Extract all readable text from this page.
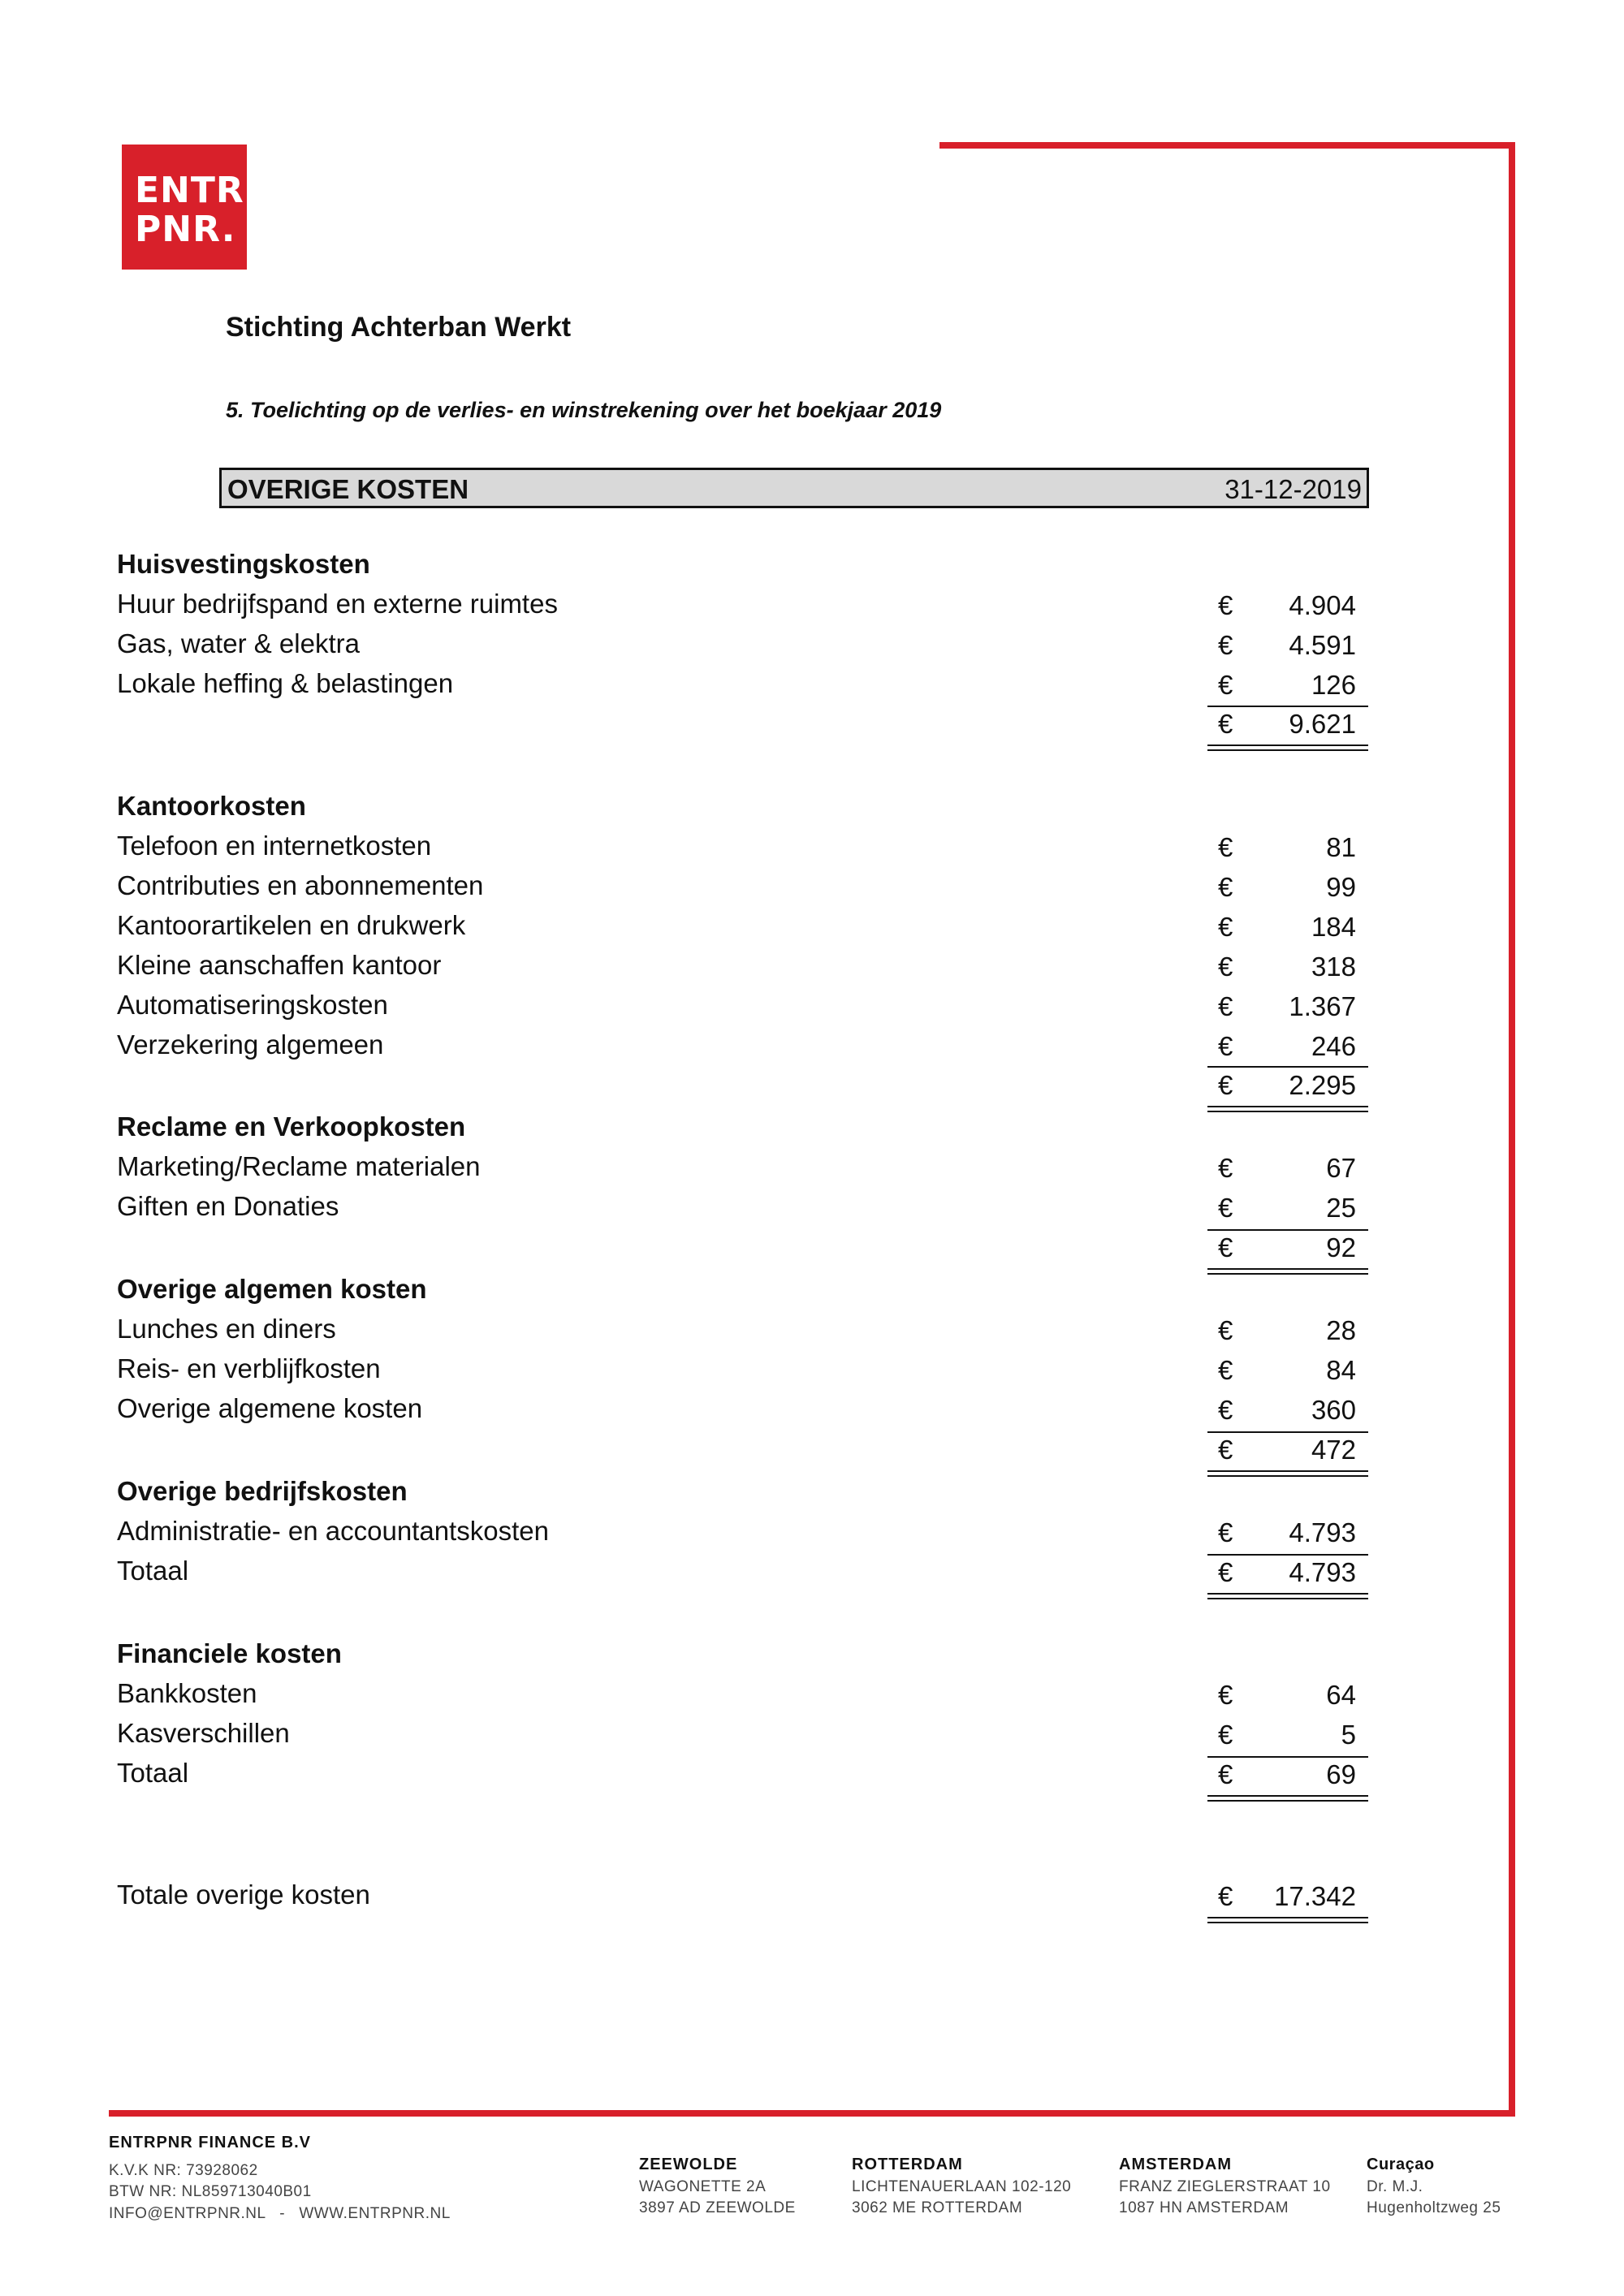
ENTR
PNR.
Stichting Achterban Werkt
5. Toelichting op de verlies- en winstrekening over het boekjaar 2019
OVERIGE KOSTEN	31-12-2019
Huisvestingskosten
Huur bedrijfspand en externe ruimtes	€ 4.904
Gas, water & elektra	€ 4.591
Lokale heffing & belastingen	€	126
€ 9.621
Kantoorkosten
Telefoon en internetkosten	€	81
Contributies en abonnementen	€	99
Kantoorartikelen en drukwerk	€	184
Kleine aanschaffen kantoor	€	318
Automatiseringskosten	€ 1.367
Verzekering algemeen	€	246
€ 2.295
Reclame en Verkoopkosten
Marketing/Reclame materialen	€	67
Giften en Donaties	€	25
€	92
Overige algemen kosten
Lunches en diners	€	28
Reis- en verblijfkosten	€	84
Overige algemene kosten	€	360
€	472
Overige bedrijfskosten
Administratie- en accountantskosten	€ 4.793
Totaal	€ 4.793
Financiele kosten
Bankkosten	€	64
Kasverschillen	€	5
Totaal	€	69
Totale overige kosten	€ 17.342
ENTRPNR FINANCE B.V
K.V.K NR: 73928062
BTW NR: NL859713040B01
INFO@ENTRPNR.NL   -   WWW.ENTRPNR.NL
ZEEWOLDE
WAGONETTE 2A
3897 AD ZEEWOLDE
ROTTERDAM
LICHTENAUERLAAN 102-120
3062 ME ROTTERDAM
AMSTERDAM
FRANZ ZIEGLERSTRAAT 10
1087 HN AMSTERDAM
Curaçao
Dr. M.J.
Hugenholtzweg 25
